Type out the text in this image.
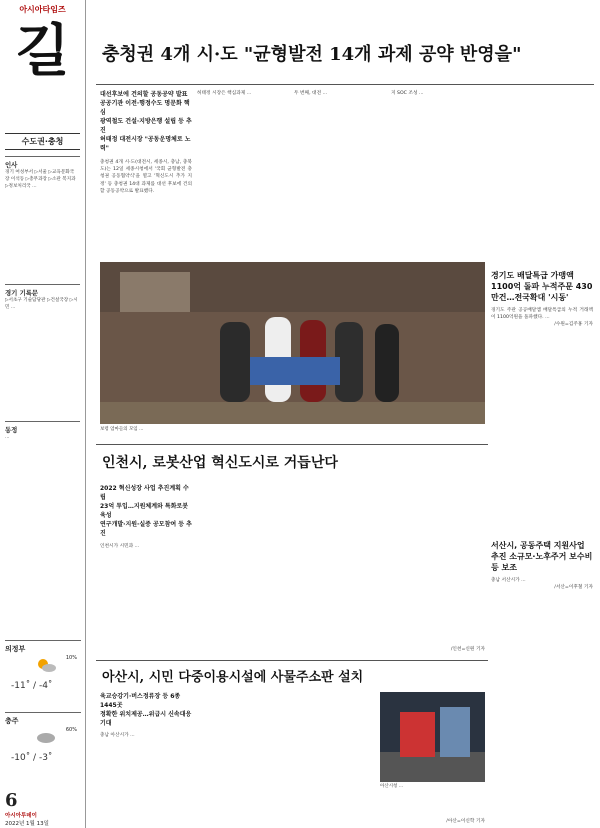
아시아타임즈
길
수도권·충청
인사
경기 여성부서 ▷서울 ▷교육문화국 장 이석동 ▷총무과장 ▷소관 복지과 ▷정보처리국 ...
경기 기록문
▷서초구 기술담당관 ▷건설국장 ▷시민 ...
동정
...
의정부
10%
-11˚ / -4˚
충주
60%
-10˚ / -3˚
6
아시아투데이
2022년 1월 13일
충청권 4개 시·도 "균형발전 14개 과제 공약 반영을"
대선후보에 건의할 공동공약 발표
공공기관 이전·행정수도 명문화 핵심
광역철도 건설·지방은행 설립 등 추진
허태정 대전시장 "공동운명체로 노력"
충청권 4개 시·도(대전시, 세종시, 충남, 충북도)는 12일 세종시청에서 '국회 균형발전 충청권 공동협약식'을 열고 '혁신도시 추가 지정' 등 충청권 14대 과제를 대선 후보에 건의할 공동공약으로 발표했다.
허태정 시장은 핵심과제 ...	두 번째, 대전 ...	지 SOC 조성 ...
보령 엄마들의 모임 ...
경기도 배달특급 가맹액 1100억 돌파 누적주문 430만건…전국확대 '시동'
경기도 주관 공공배달앱 배달특급의 누적 거래액이 1100억원을 돌파했다. ...
/수원=김주홍 기자
인천시, 로봇산업 혁신도시로 거듭난다
2022 혁신성장 사업 추진계획 수립
23억 투입…지원체계와 특화로봇 육성
연구개발·지원·실증 공모참여 등 추진
인천시가 시민과 ...
/인천=신원 기자
서산시, 공동주택 지원사업 추진 소규모·노후주거 보수비 등 보조
충남 서산시가 ...
/서산=이후철 기자
아산시, 시민 다중이용시설에 사물주소판 설치
육교승강기·버스정류장 등 6종 1445곳
정확한 위치제공…위급시 신속대응 기대
충남 아산시가 ...
아산시청 ...
/아산=이신학 기자
